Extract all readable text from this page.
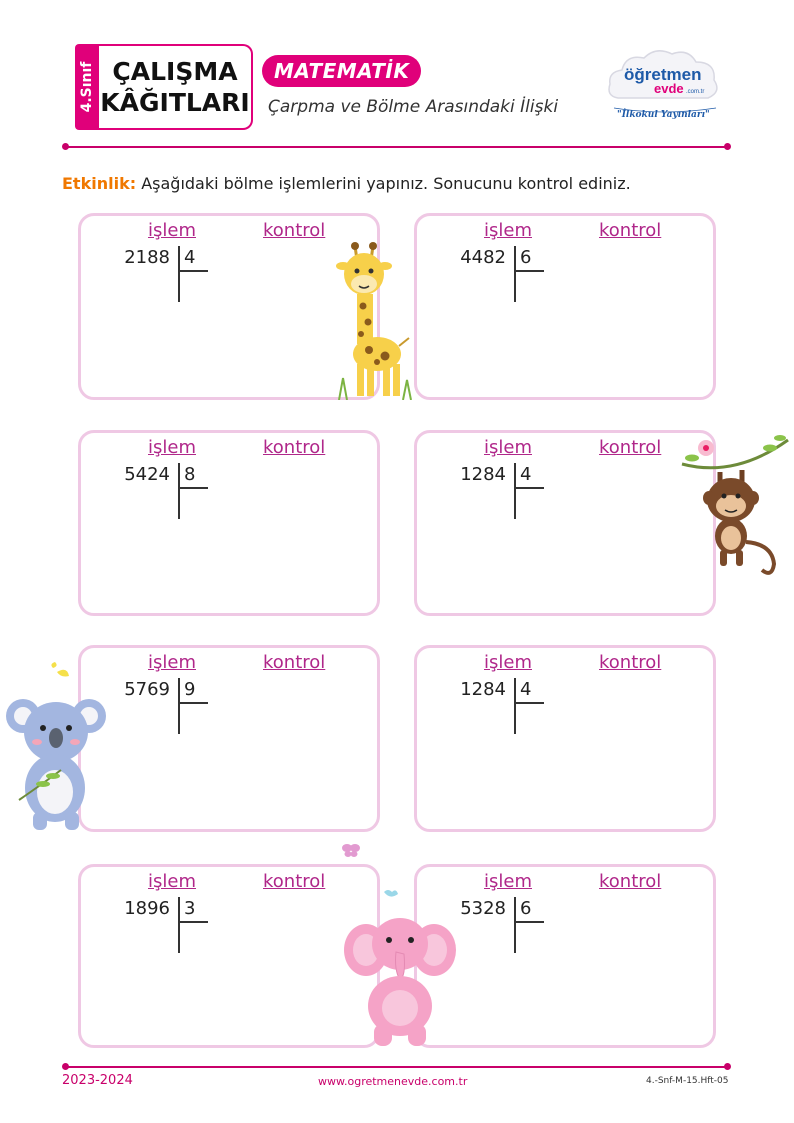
4.Sınıf ÇALIŞMA
KÂĞITLARI
MATEMATİK
Çarpma ve Bölme Arasındaki İlişki
öğretmen
evde .com.tr
"İlkokul Yayınları"
Etkinlik: Aşağıdaki bölme işlemlerini yapınız. Sonucunu kontrol ediniz.
işlem	kontrol
2188 4
işlem	kontrol
4482 6
işlem	kontrol
5424 8
işlem	kontrol
1284 4
işlem	kontrol
5769 9
işlem	kontrol
1284 4
işlem	kontrol
1896 3
işlem	kontrol
5328 6
2023-2024	www.ogretmenevde.com.tr	4.-Snf-M-15.Hft-05
